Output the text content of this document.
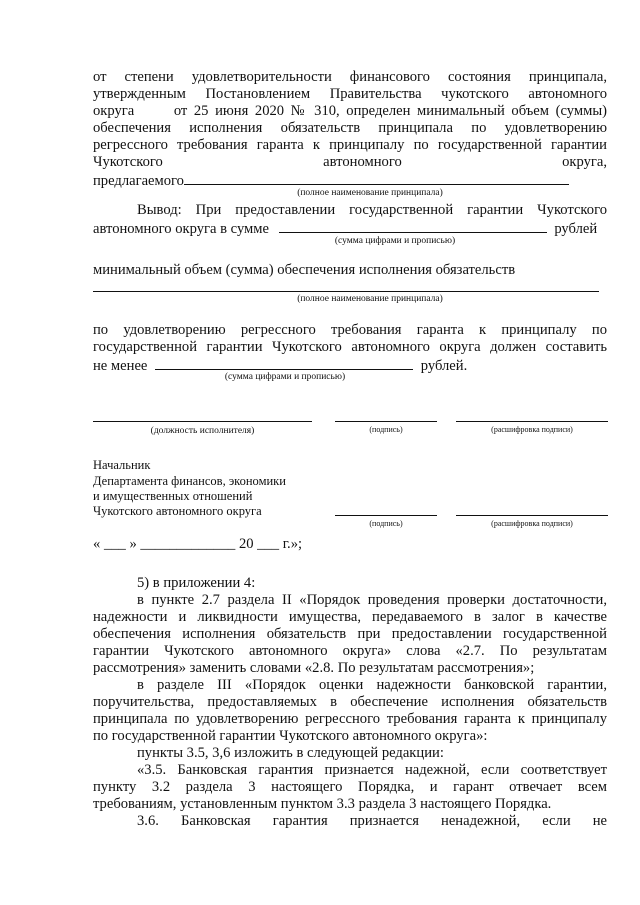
от степени удовлетворительности финансового состояния принципала,
утвержденным Постановлением Правительства чукотского автономного
округа      от 25 июня 2020 № 310, определен минимальный объем (суммы)
обеспечения исполнения обязательств принципала по удовлетворению
регрессного требования гаранта к принципалу по государственной гарантии
Чукотского автономного округа,
предлагаемого
(полное наименование принципала)
Вывод: При предоставлении государственной гарантии Чукотского
автономного округа в сумме	рублей
(сумма цифрами и прописью)
минимальный объем (сумма) обеспечения исполнения обязательств
(полное наименование принципала)
по удовлетворению регрессного требования гаранта к принципалу по
государственной гарантии Чукотского автономного округа должен составить
не менее	рублей.
(сумма цифрами и прописью)
(должность исполнителя)	(подпись)	(расшифровка подписи)
Начальник
Департамента финансов, экономики
и имущественных отношений
Чукотского автономного округа
(подпись)	(расшифровка подписи)
« ___ » _____________ 20 ___ г.»;
5) в приложении 4:
в пункте 2.7 раздела II «Порядок проведения проверки достаточности,
надежности и ликвидности имущества, передаваемого в залог в качестве
обеспечения исполнения обязательств при предоставлении государственной
гарантии Чукотского автономного округа» слова «2.7. По результатам
рассмотрения» заменить словами «2.8. По результатам рассмотрения»;
в разделе III «Порядок оценки надежности банковской гарантии,
поручительства, предоставляемых в обеспечение исполнения обязательств
принципала по удовлетворению регрессного требования гаранта к принципалу
по государственной гарантии Чукотского автономного округа»:
пункты 3.5, 3,6 изложить в следующей редакции:
«3.5. Банковская гарантия признается надежной, если соответствует
пункту 3.2 раздела 3 настоящего Порядка, и гарант отвечает всем
требованиям, установленным пунктом 3.3 раздела 3 настоящего Порядка.
3.6. Банковская гарантия признается ненадежной, если не
